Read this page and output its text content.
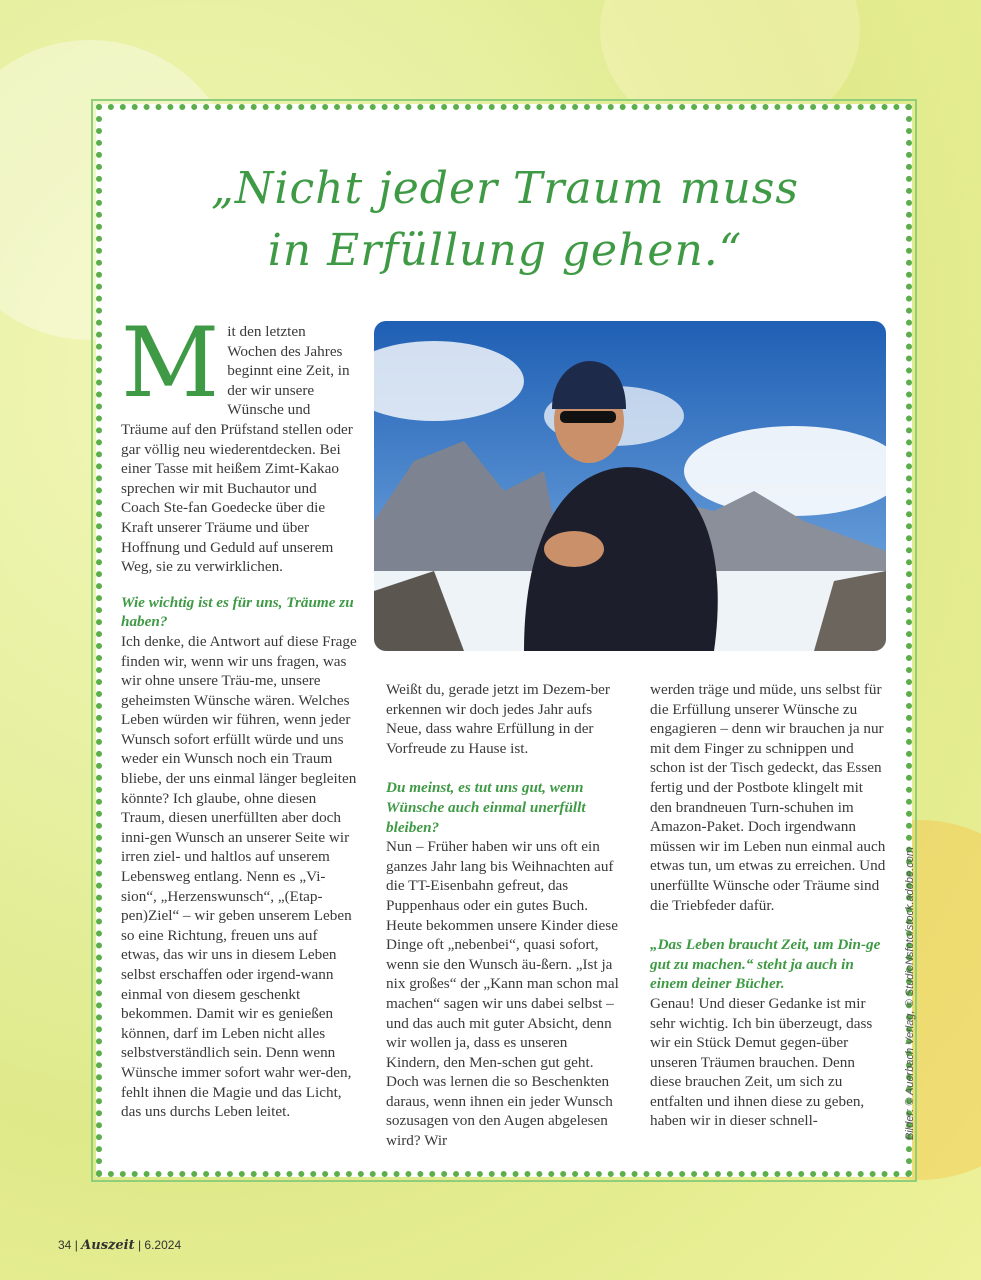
„Nicht jeder Traum muss
in Erfüllung gehen.“

M it den letzten Wochen des Jahres beginnt eine Zeit, in der wir unsere Wünsche und Träume auf den Prüfstand stellen oder gar völlig neu wiederentdecken. Bei einer Tasse mit heißem Zimt-Kakao sprechen wir mit Buchautor und Coach Ste-fan Goedecke über die Kraft unserer Träume und über Hoffnung und Geduld auf unserem Weg, sie zu verwirklichen.

Wie wichtig ist es für uns, Träume zu haben?

Ich denke, die Antwort auf diese Frage finden wir, wenn wir uns fragen, was wir ohne unsere Träu-me, unsere geheimsten Wünsche wären. Welches Leben würden wir führen, wenn jeder Wunsch sofort erfüllt würde und uns weder ein Wunsch noch ein Traum bliebe, der uns einmal länger begleiten könnte? Ich glaube, ohne diesen Traum, diesen unerfüllten aber doch inni-gen Wunsch an unserer Seite wir irren ziel- und haltlos auf unserem Lebensweg entlang. Nenn es „Vi-sion“, „Herzenswunsch“, „(Etap-pen)Ziel“ – wir geben unserem Leben so eine Richtung, freuen uns auf etwas, das wir uns in diesem Leben selbst erschaffen oder irgend-wann einmal von diesem geschenkt bekommen. Damit wir es genießen können, darf im Leben nicht alles selbstverständlich sein. Denn wenn Wünsche immer sofort wahr wer-den, fehlt ihnen die Magie und das Licht, das uns durchs Leben leitet.

Weißt du, gerade jetzt im Dezem-ber erkennen wir doch jedes Jahr aufs Neue, dass wahre Erfüllung in der Vorfreude zu Hause ist.

Du meinst, es tut uns gut, wenn Wünsche auch einmal unerfüllt bleiben?

Nun – Früher haben wir uns oft ein ganzes Jahr lang bis Weihnachten auf die TT-Eisenbahn gefreut, das Puppenhaus oder ein gutes Buch. Heute bekommen unsere Kinder diese Dinge oft „nebenbei“, quasi sofort, wenn sie den Wunsch äu-ßern. „Ist ja nix großes“ der „Kann man schon mal machen“ sagen wir uns dabei selbst – und das auch mit guter Absicht, denn wir wollen ja, dass es unseren Kindern, den Men-schen gut geht. Doch was lernen die so Beschenkten daraus, wenn ihnen ein jeder Wunsch sozusagen von den Augen abgelesen wird? Wir

werden träge und müde, uns selbst für die Erfüllung unserer Wünsche zu engagieren – denn wir brauchen ja nur mit dem Finger zu schnippen und schon ist der Tisch gedeckt, das Essen fertig und der Postbote klingelt mit den brandneuen Turn-schuhen im Amazon-Paket. Doch irgendwann müssen wir im Leben nun einmal auch etwas tun, um etwas zu erreichen. Und unerfüllte Wünsche oder Träume sind die Triebfeder dafür.

„Das Leben braucht Zeit, um Din-ge gut zu machen.“ steht ja auch in einem deiner Bücher.

Genau! Und dieser Gedanke ist mir sehr wichtig. Ich bin überzeugt, dass wir ein Stück Demut gegen-über unseren Träumen brauchen. Denn diese brauchen Zeit, um sich zu entfalten und ihnen diese zu geben, haben wir in dieser schnell-	Bilder: © Auerbach Verlag, © StudioNsfoto/stock.adobe.com
34 | Auszeit | 6.2024
